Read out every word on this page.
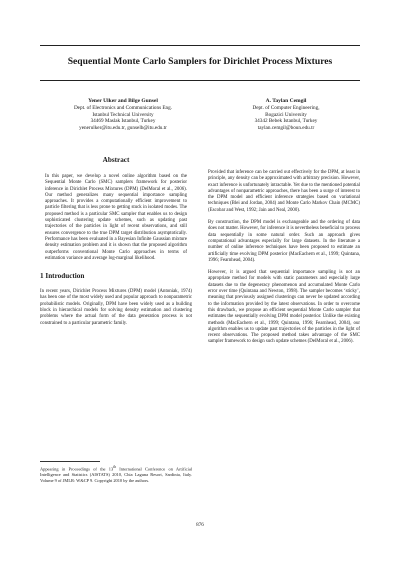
Sequential Monte Carlo Samplers for Dirichlet Process Mixtures
Yener Ulker and Bilge Gunsel
Dept. of Electronics and Communications Eng.
Istanbul Technical University
34469 Maslak Istanbul, Turkey
yenerulker@itu.edu.tr, gunselb@itu.edu.tr
A. Taylan Cemgil
Dept. of Computer Engineering,
Bogazici University
34342 Bebek Istanbul, Turkey
taylan.cemgil@boun.edu.tr
Abstract

In this paper, we develop a novel online algorithm based on the Sequential Monte Carlo (SMC) samplers framework for posterior inference in Dirichlet Process Mixtures (DPM) (DelMoral et al., 2006). Our method generalizes many sequential importance sampling approaches. It provides a computationally efficient improvement to particle filtering that is less prone to getting stuck in isolated modes. The proposed method is a particular SMC sampler that enables us to design sophisticated clustering update schemes, such as updating past trajectories of the particles in light of recent observations, and still ensures convergence to the true DPM target distribution asymptotically. Performance has been evaluated in a Bayesian Infinite Gaussian mixture density estimation problem and it is shown that the proposed algorithm outperforms conventional Monte Carlo approaches in terms of estimation variance and average log-marginal likelihood.

1 Introduction

In recent years, Dirichlet Process Mixtures (DPM) model (Antoniak, 1974) has been one of the most widely used and popular approach to nonparametric probabilistic models. Originally, DPM have been widely used as a building block in hierarchical models for solving density estimation and clustering problems where the actual form of the data generation process is not constrained to a particular parametric family.

Appearing in Proceedings of the 13th International Conference on Artificial Intelligence and Statistics (AISTATS) 2010, Chia Laguna Resort, Sardinia, Italy. Volume 9 of JMLR: W&CP 9. Copyright 2010 by the authors.

Provided that inference can be carried out effectively for the DPM, at least in principle, any density can be approximated with arbitrary precision. However, exact inference is unfortunately intractable. Yet due to the mentioned potential advantages of nonparametric approaches, there has been a surge of interest to the DPM model and efficient inference strategies based on variational techniques (Blei and Jordan, 2004) and Monte Carlo Markov Chain (MCMC) (Escobar and West, 1992; Jain and Neal, 2000).

By construction, the DPM model is exchangeable and the ordering of data does not matter. However, for inference it is nevertheless beneficial to process data sequentially in some natural order. Such an approach gives computational advantages especially for large datasets. In the literature a number of online inference techniques have been proposed to estimate an artificially time evolving DPM posterior (MacEachern et al., 1999; Quintana, 1996; Fearnhead, 2004).

However, it is argued that sequential importance sampling is not an appropriate method for models with static parameters and especially large datasets due to the degeneracy phenomenon and accumulated Monte Carlo error over time (Quintana and Newton, 1998). The sampler becomes ‘sticky’, meaning that previously assigned clusterings can never be updated according to the information provided by the latest observations. In order to overcome this drawback, we propose an efficient sequential Monte Carlo sampler that estimates the sequentially evolving DPM model posterior. Unlike the existing methods (MacEachern et al., 1999; Quintana, 1996; Fearnhead, 2004), our algorithm enables us to update past trajectories of the particles in the light of recent observations. The proposed method takes advantage of the SMC sampler framework to design such update schemes (DelMoral et al., 2006).

876
